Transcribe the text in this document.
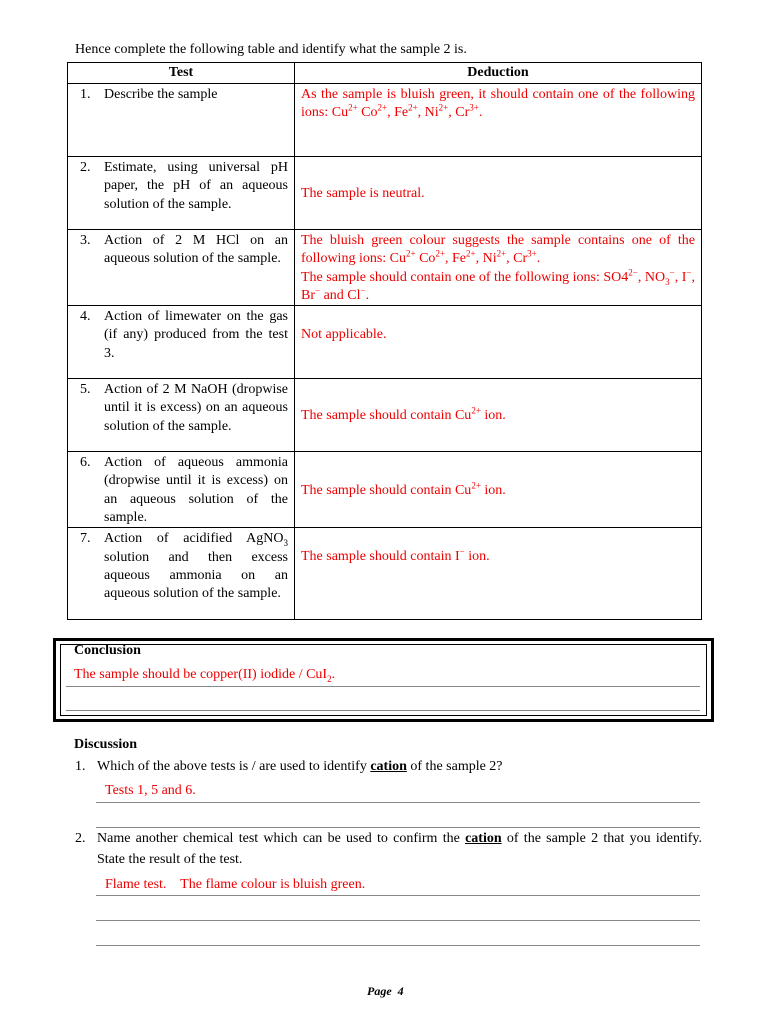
Hence complete the following table and identify what the sample 2 is.
Test	Deduction

1. Describe the sample	As the sample is bluish green, it should contain one of the following ions: $Cu^{2+}$ $Co^{2+}$, $Fe^{2+}$, $Ni^{2+}$, $Cr^{3+}$.

2. Estimate, using universal pH paper, the pH of an aqueous solution of the sample.	The sample is neutral.

3. Action of 2 M HCl on an aqueous solution of the sample.	The bluish green colour suggests the sample contains one of the following ions: $Cu^{2+}$ $Co^{2+}$, $Fe^{2+}$, $Ni^{2+}$, $Cr^{3+}$.
The sample should contain one of the following ions: $SO4^{2-}$, $NO_3^-$, I−, Br− and Cl−.

4. Action of limewater on the gas (if any) produced from the test 3.	Not applicable.

5. Action of 2 M NaOH (dropwise until it is excess) on an aqueous solution of the sample.	The sample should contain $Cu^{2+}$ ion.

6. Action of aqueous ammonia (dropwise until it is excess) on an aqueous solution of the sample.	The sample should contain $Cu^{2+}$ ion.

7. Action of acidified AgNO$_3$ solution and then excess aqueous ammonia on an aqueous solution of the sample.	The sample should contain I− ion.
Conclusion
The sample should be copper(II) iodide / CuI$_2$.
Discussion
1. Which of the above tests is / are used to identify cation of the sample 2?
Tests 1, 5 and 6.
2. Name another chemical test which can be used to confirm the cation of the sample 2 that you identify.    State the result of the test.
Flame test.    The flame colour is bluish green.
Page  4
